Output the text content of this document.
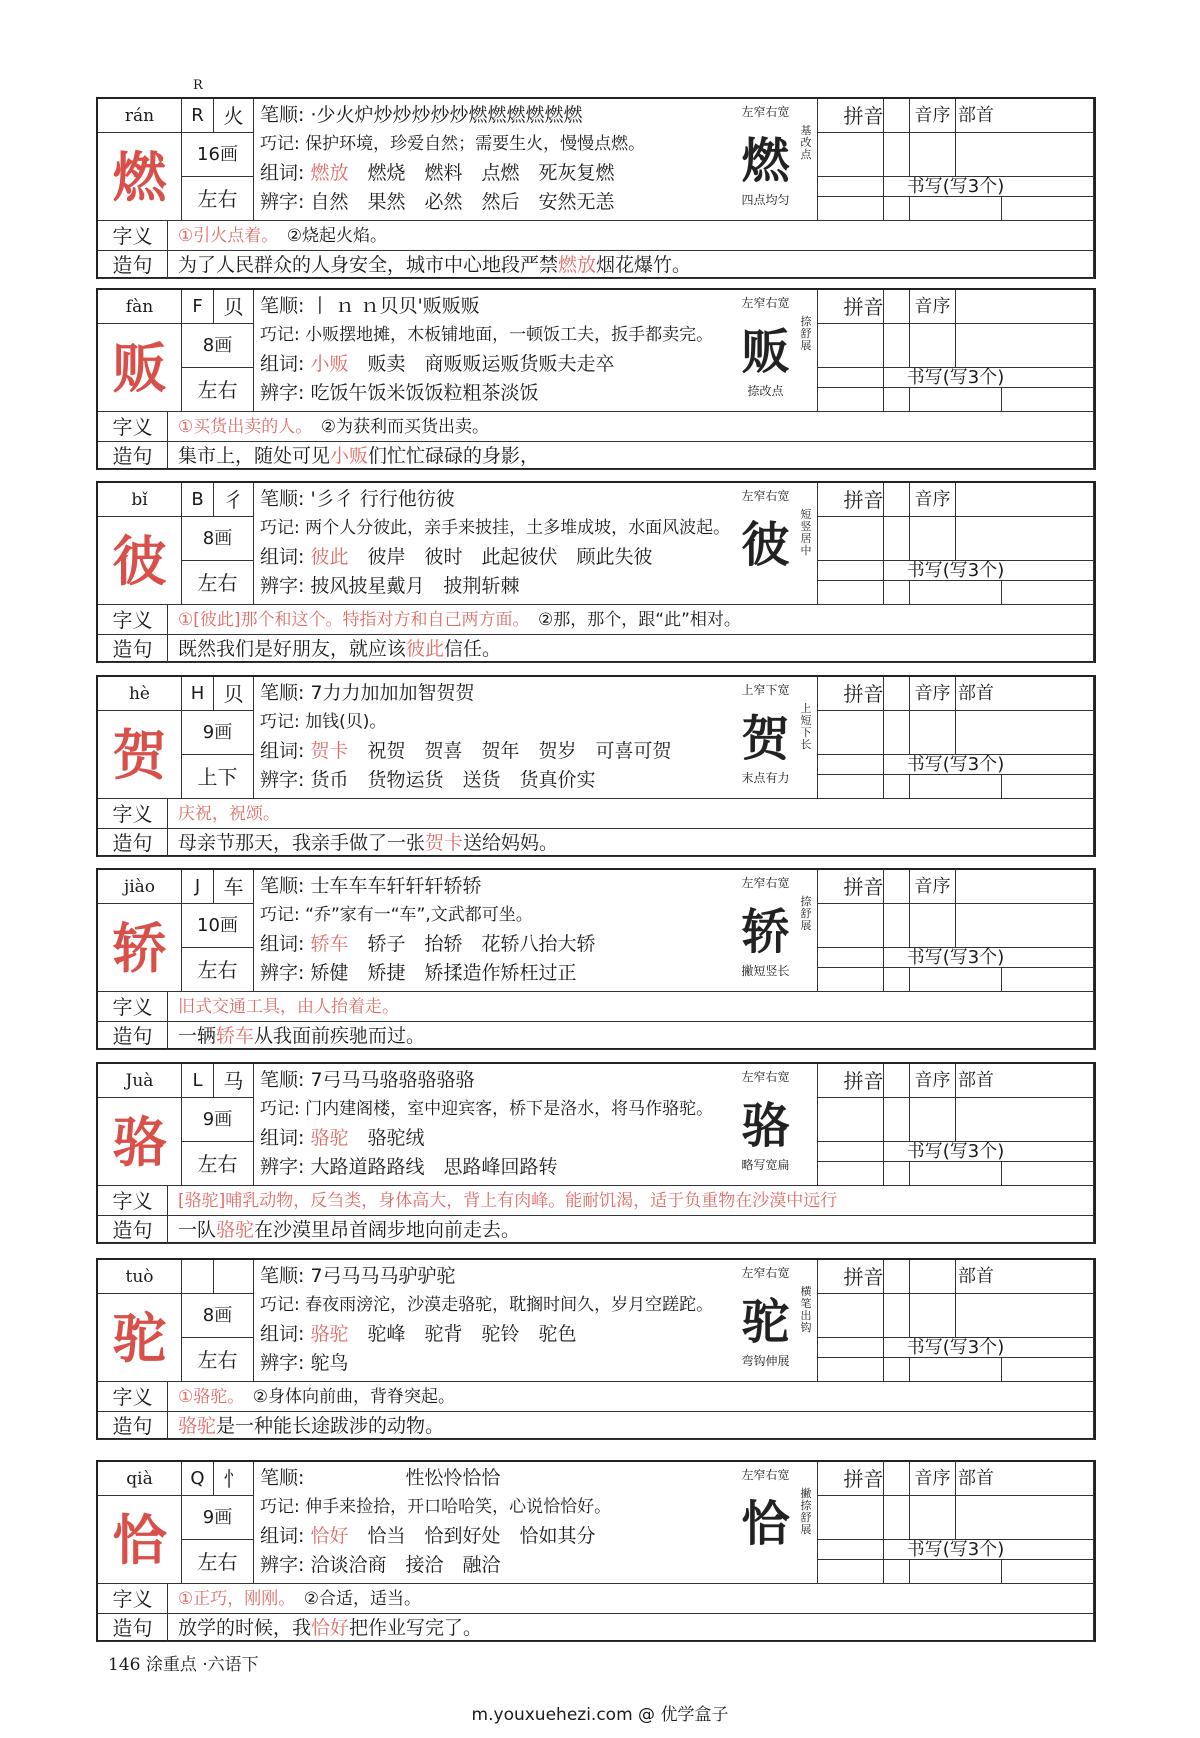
R
rán	R 火
燃	16画
左右
笔顺: ·少火炉炒炒炒炒炒燃燃燃燃燃燃
巧记: 保护环境，珍爱自然；需要生火，慢慢点燃。
组词: 燃放　 燃烧　燃料　点燃　死灰复燃
辨字: 自然　果然　必然　然后　安然无恙
左窄右宽
燃
四点均匀
基改点
拼音	音序 部首
书写(写3个)
字义	①引火点着。　 ②烧起火焰。
造句	为了人民群众的人身安全，城市中心地段严禁燃放烟花爆竹。
fàn	F	贝
贩	8画
左右
笔顺: 丨 ｎ ｎ贝贝'贩贩贩
巧记: 小贩摆地摊，木板铺地面，一顿饭工夫，扳手都卖完。
组词: 小贩　 贩卖　商贩贩运贩货贩夫走卒
辨字: 吃饭午饭米饭饭粒粗茶淡饭
左窄右宽
贩
捺改点
捺舒展
拼音	音序
书写(写3个)
字义	①买货出卖的人。　 ②为获利而买货出卖。
造句	集市上，随处可见小贩们忙忙碌碌的身影，
bǐ	B 彳
彼	8画
左右
笔顺: '彡彳 行行他彷彼
巧记: 两个人分彼此，亲手来披挂，土多堆成坡，水面风波起。
组词: 彼此　 彼岸　彼时　此起彼伏　顾此失彼
辨字: 披风披星戴月　披荆斩棘
左窄右宽
彼
短竖居中
拼音	音序
书写(写3个)
字义	①[彼此]那个和这个。特指对方和自己两方面。　 ②那，那个，跟“此”相对。
造句	既然我们是好朋友，就应该彼此信任。
hè	H 贝
贺	9画
上下
笔顺: 7力力加加加智贺贺
巧记: 加钱(贝)。
组词: 贺卡　 祝贺　贺喜　贺年　贺岁　可喜可贺
辨字: 货币　货物运货　送货　货真价实
上窄下宽
贺
末点有力
上短下长
拼音	音序 部首
书写(写3个)
字义	庆祝，祝颂。　
造句	母亲节那天，我亲手做了一张贺卡送给妈妈。
jiào	J	车
轿	10画
左右
笔顺: 士车车车轩轩轩轿轿
巧记: “乔”家有一“车”,文武都可坐。
组词: 轿车　 轿子　抬轿　花轿八抬大轿
辨字: 矫健　矫捷　矫揉造作矫枉过正
左窄右宽
轿
撇短竖长
捺舒展
拼音	音序
书写(写3个)
字义	旧式交通工具，由人抬着走。　
造句	一辆轿车从我面前疾驰而过。
Juà	L	马
骆	9画
左右
笔顺: 7弓马马骆骆骆骆骆
巧记: 门内建阁楼，室中迎宾客，桥下是洛水，将马作骆驼。
组词: 骆驼　 骆驼绒
辨字: 大路道路路线　思路峰回路转
左窄右宽
骆
略写宽扁
拼音	音序 部首
书写(写3个)
字义	[骆驼]哺乳动物，反刍类，身体高大，背上有肉峰。能耐饥渴，适于负重物在沙漠中远行　
造句	一队骆驼在沙漠里昂首阔步地向前走去。
tuò
驼	8画
左右
笔顺: 7弓马马马驴驴驼
巧记: 春夜雨滂沱，沙漠走骆驼，耽搁时间久，岁月空蹉跎。
组词: 骆驼　 驼峰　驼背　驼铃　驼色
辨字: 鸵鸟
左窄右宽
驼
弯钩伸展
横笔出钩
拼音	部首
书写(写3个)
字义	①骆驼。　 ②身体向前曲，背脊突起。
造句	骆驼是一种能长途跋涉的动物。
qià	Q 忄
恰	9画
左右
笔顺: 　　　　　性忪怜恰恰
巧记: 伸手来捡拾，开口哈哈笑，心说恰恰好。
组词: 恰好　 恰当　恰到好处　恰如其分
辨字: 洽谈洽商　接洽　融洽
左窄右宽
恰
撇捺舒展
拼音	音序 部首
书写(写3个)
字义	①正巧，刚刚。　 ②合适，适当。
造句	放学的时候，我恰好把作业写完了。
146 涂重点 ·六语下
m.youxuehezi.com @ 优学盒子
